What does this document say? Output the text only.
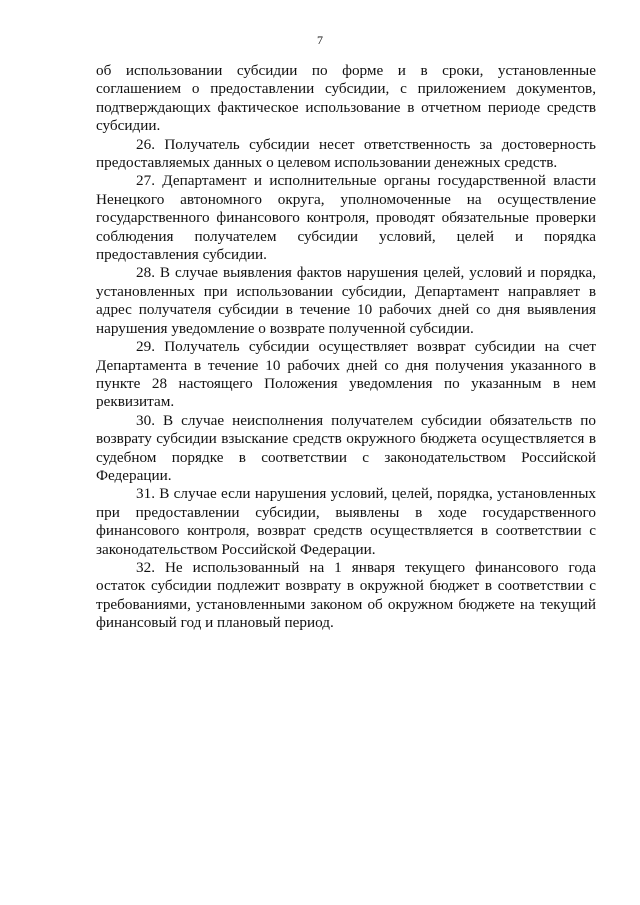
7

об использовании субсидии по форме и в сроки, установленные соглашением о предоставлении субсидии, с приложением документов, подтверждающих фактическое использование в отчетном периоде средств субсидии.

26. Получатель субсидии несет ответственность за достоверность предоставляемых данных о целевом использовании денежных средств.

27. Департамент и исполнительные органы государственной власти Ненецкого автономного округа, уполномоченные на осуществление государственного финансового контроля, проводят обязательные проверки соблюдения получателем субсидии условий, целей и порядка предоставления субсидии.

28. В случае выявления фактов нарушения целей, условий и порядка, установленных при использовании субсидии, Департамент направляет в адрес получателя субсидии в течение 10 рабочих дней со дня выявления нарушения уведомление о возврате полученной субсидии.

29. Получатель субсидии осуществляет возврат субсидии на счет Департамента в течение 10 рабочих дней со дня получения указанного в пункте 28 настоящего Положения уведомления по указанным в нем реквизитам.

30. В случае неисполнения получателем субсидии обязательств по возврату субсидии взыскание средств окружного бюджета осуществляется в судебном порядке в соответствии с законодательством Российской Федерации.

31. В случае если нарушения условий, целей, порядка, установленных при предоставлении субсидии, выявлены в ходе государственного финансового контроля, возврат средств осуществляется в соответствии с законодательством Российской Федерации.

32. Не использованный на 1 января текущего финансового года остаток субсидии подлежит возврату в окружной бюджет в соответствии с требованиями, установленными законом об окружном бюджете на текущий финансовый год и плановый период.
